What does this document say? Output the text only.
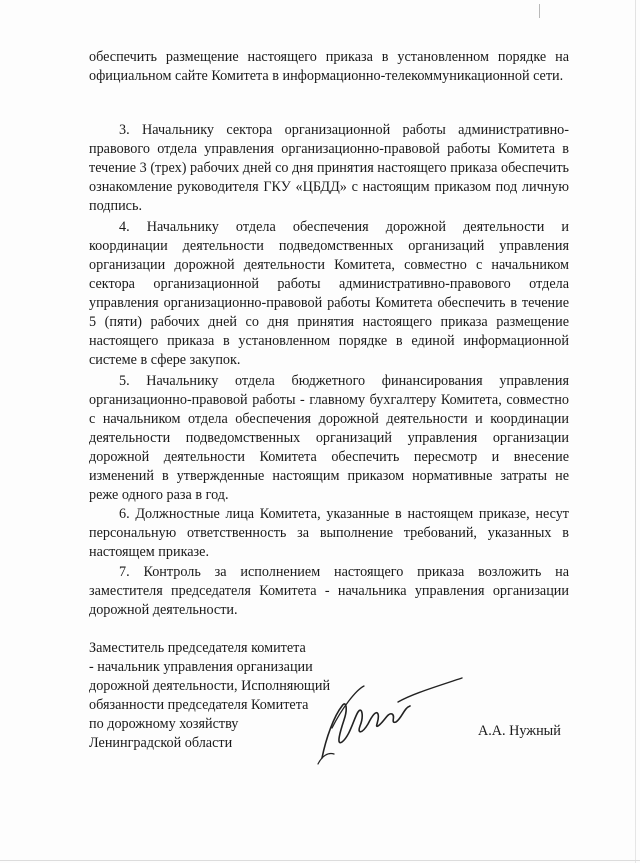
обеспечить размещение настоящего приказа в установленном порядке на официальном сайте Комитета в информационно-телекоммуникационной сети.

3. Начальнику сектора организационной работы административно-правового отдела управления организационно-правовой работы Комитета в течение 3 (трех) рабочих дней со дня принятия настоящего приказа обеспечить ознакомление руководителя ГКУ «ЦБДД» с настоящим приказом под личную подпись.

4. Начальнику отдела обеспечения дорожной деятельности и координации деятельности подведомственных организаций управления организации дорожной деятельности Комитета, совместно с начальником сектора организационной работы административно-правового отдела управления организационно-правовой работы Комитета обеспечить в течение 5 (пяти) рабочих дней со дня принятия настоящего приказа размещение настоящего приказа в установленном порядке в единой информационной системе в сфере закупок.

5. Начальнику отдела бюджетного финансирования управления организационно-правовой работы - главному бухгалтеру Комитета, совместно с начальником отдела обеспечения дорожной деятельности и координации деятельности подведомственных организаций управления организации дорожной деятельности Комитета обеспечить пересмотр и внесение изменений в утвержденные настоящим приказом нормативные затраты не реже одного раза в год.

6. Должностные лица Комитета, указанные в настоящем приказе, несут персональную ответственность за выполнение требований, указанных в настоящем приказе.

7. Контроль за исполнением настоящего приказа возложить на заместителя председателя Комитета - начальника управления организации дорожной деятельности.

Заместитель председателя комитета
- начальник управления организации
дорожной деятельности, Исполняющий
обязанности председателя Комитета
по дорожному хозяйству
Ленинградской области
А.А. Нужный
